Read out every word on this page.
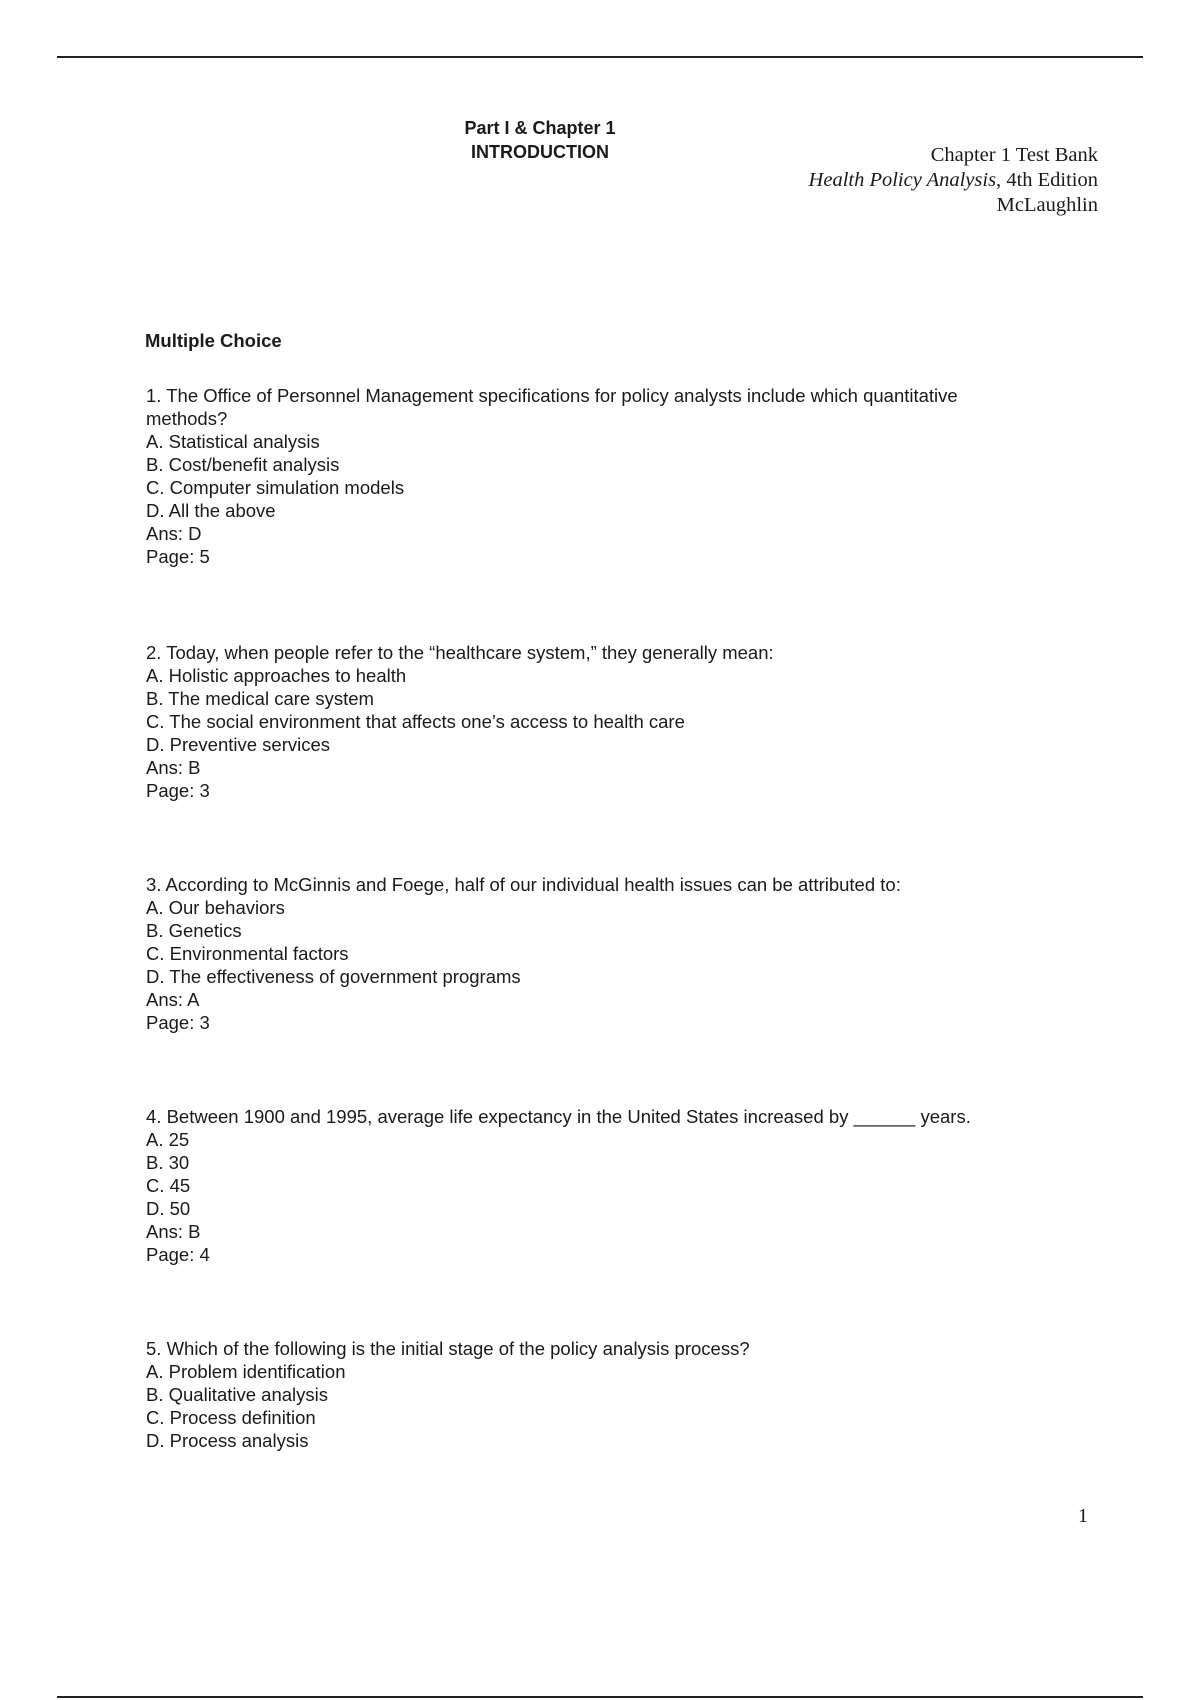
Part I & Chapter 1
INTRODUCTION	Chapter 1 Test Bank
Health Policy Analysis, 4th Edition
McLaughlin
Multiple Choice
1. The Office of Personnel Management specifications for policy analysts include which quantitative
methods?
A. Statistical analysis
B. Cost/benefit analysis
C. Computer simulation models
D. All the above
Ans: D
Page: 5
2. Today, when people refer to the “healthcare system,” they generally mean:
A. Holistic approaches to health
B. The medical care system
C. The social environment that affects one’s access to health care
D. Preventive services
Ans: B
Page: 3
3. According to McGinnis and Foege, half of our individual health issues can be attributed to:
A. Our behaviors
B. Genetics
C. Environmental factors
D. The effectiveness of government programs
Ans: A
Page: 3
4. Between 1900 and 1995, average life expectancy in the United States increased by ______ years.
A. 25
B. 30
C. 45
D. 50
Ans: B
Page: 4
5. Which of the following is the initial stage of the policy analysis process?
A. Problem identification
B. Qualitative analysis
C. Process definition
D. Process analysis
1
